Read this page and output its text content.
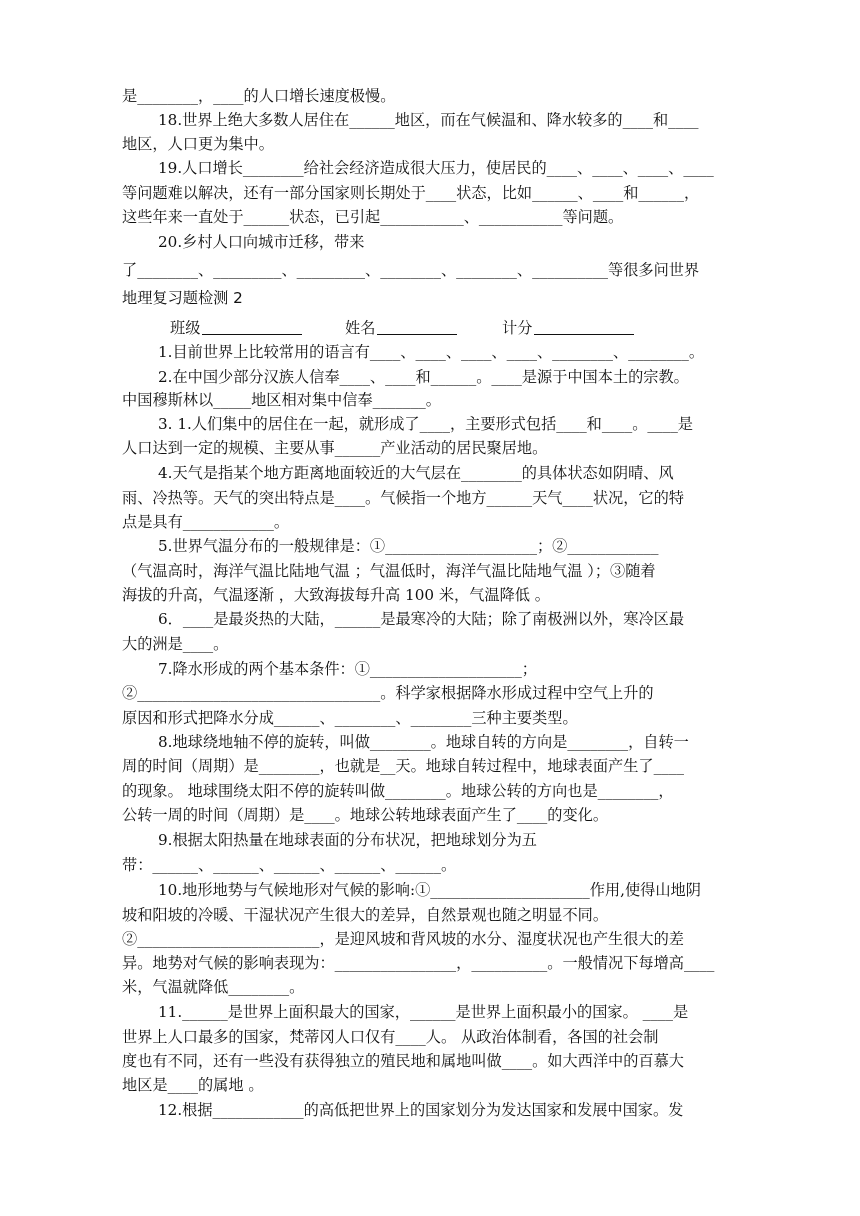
是________，____的人口增长速度极慢。
18.世界上绝大多数人居住在______地区，而在气候温和、降水较多的____和____
地区，人口更为集中。
19.人口增长________给社会经济造成很大压力，使居民的____、____、____、____
等问题难以解决，还有一部分国家则长期处于____状态，比如______、____和______，
这些年来一直处于______状态，已引起___________、___________等问题。
20.乡村人口向城市迁移，带来
了________、_________、_________、________、________、__________等很多问世界
地理复习题检测 2
班级	姓名	计分
1.目前世界上比较常用的语言有____、____、____、____、________、________。
2.在中国少部分汉族人信奉____、____和______。____是源于中国本土的宗教。
中国穆斯林以_____地区相对集中信奉_______。
3. 1.人们集中的居住在一起，就形成了____，主要形式包括____和____。____是
人口达到一定的规模、主要从事______产业活动的居民聚居地。
4.天气是指某个地方距离地面较近的大气层在________的具体状态如阴晴、风
雨、冷热等。天气的突出特点是____。气候指一个地方______天气____状况，它的特
点是具有____________。
5.世界气温分布的一般规律是：①____________________；②____________
（气温高时，海洋气温比陆地气温 ；气温低时，海洋气温比陆地气温 ）；③随着
海拔的升高，气温逐渐 ，大致海拔每升高 100 米，气温降低 。
6．____是最炎热的大陆，______是最寒冷的大陆；除了南极洲以外，寒冷区最
大的洲是____。
7.降水形成的两个基本条件：①____________________；
②________________________________。科学家根据降水形成过程中空气上升的
原因和形式把降水分成______、________、________三种主要类型。
8.地球绕地轴不停的旋转，叫做________。地球自转的方向是________，自转一
周的时间（周期）是________，也就是__天。地球自转过程中，地球表面产生了____
的现象。 地球围绕太阳不停的旋转叫做________。地球公转的方向也是________，
公转一周的时间（周期）是____。地球公转地球表面产生了____的变化。
9.根据太阳热量在地球表面的分布状况，把地球划分为五
带：______、______、______、______、______。
10.地形地势与气候地形对气候的影响:①_____________________作用,使得山地阴
坡和阳坡的冷暖、干湿状况产生很大的差异，自然景观也随之明显不同。
②________________________，是迎风坡和背风坡的水分、湿度状况也产生很大的差
异。地势对气候的影响表现为：________________，__________。一般情况下每增高____
米，气温就降低________。
11.______是世界上面积最大的国家，______是世界上面积最小的国家。 ____是
世界上人口最多的国家，梵蒂冈人口仅有____人。 从政治体制看，各国的社会制
度也有不同，还有一些没有获得独立的殖民地和属地叫做____。如大西洋中的百慕大
地区是____的属地 。
12.根据____________的高低把世界上的国家划分为发达国家和发展中国家。发
